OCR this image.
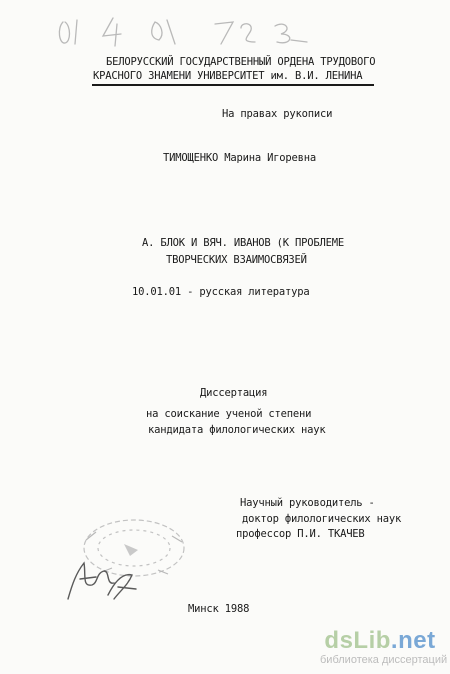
БЕЛОРУССКИЙ ГОСУДАРСТВЕННЫЙ ОРДЕНА ТРУДОВОГО
КРАСНОГО ЗНАМЕНИ УНИВЕРСИТЕТ им. В.И. ЛЕНИНА
На правах рукописи
ТИМОЩЕНКО Марина Игоревна
А. БЛОК И ВЯЧ. ИВАНОВ (К ПРОБЛЕМЕ
ТВОРЧЕСКИХ ВЗАИМОСВЯЗЕЙ
10.01.01 - русская литература
Диссертация
на соискание ученой степени
кандидата филологических наук
Научный руководитель -
доктор филологических наук
профессор П.И. ТКАЧЕВ
Минск 1988
dsLib.net
библиотека диссертаций
